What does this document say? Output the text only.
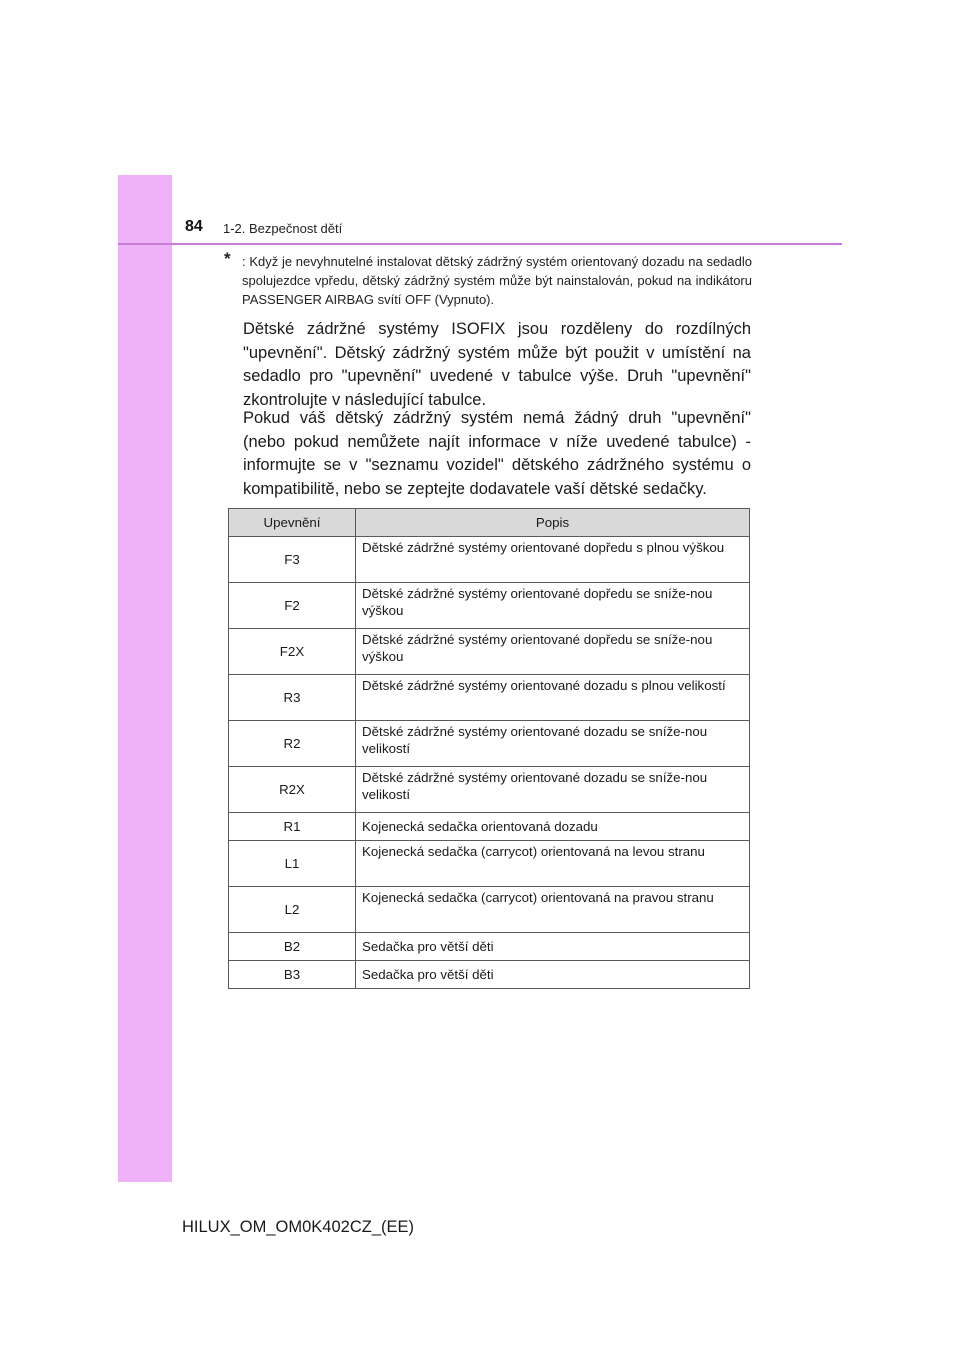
84 1-2. Bezpečnost dětí
* : Když je nevyhnutelné instalovat dětský zádržný systém orientovaný dozadu na sedadlo spolujezdce vpředu, dětský zádržný systém může být nainstalován, pokud na indikátoru PASSENGER AIRBAG svítí OFF (Vypnuto).
Dětské zádržné systémy ISOFIX jsou rozděleny do rozdílných "upevnění". Dětský zádržný systém může být použit v umístění na sedadlo pro "upevnění" uvedené v tabulce výše. Druh "upevnění" zkontrolujte v následující tabulce.
Pokud váš dětský zádržný systém nemá žádný druh "upevnění" (nebo pokud nemůžete najít informace v níže uvedené tabulce) - informujte se v "seznamu vozidel" dětského zádržného systému o kompatibilitě, nebo se zeptejte dodavatele vaší dětské sedačky.
Upevnění	Popis
F3	Dětské zádržné systémy orientované dopředu s plnou výškou
F2	Dětské zádržné systémy orientované dopředu se sníže-nou výškou
F2X	Dětské zádržné systémy orientované dopředu se sníže-nou výškou
R3	Dětské zádržné systémy orientované dozadu s plnou velikostí
R2	Dětské zádržné systémy orientované dozadu se sníže-nou velikostí
R2X	Dětské zádržné systémy orientované dozadu se sníže-nou velikostí
R1	Kojenecká sedačka orientovaná dozadu
L1	Kojenecká sedačka (carrycot) orientovaná na levou stranu
L2	Kojenecká sedačka (carrycot) orientovaná na pravou stranu
B2	Sedačka pro větší děti
B3	Sedačka pro větší děti
HILUX_OM_OM0K402CZ_(EE)
